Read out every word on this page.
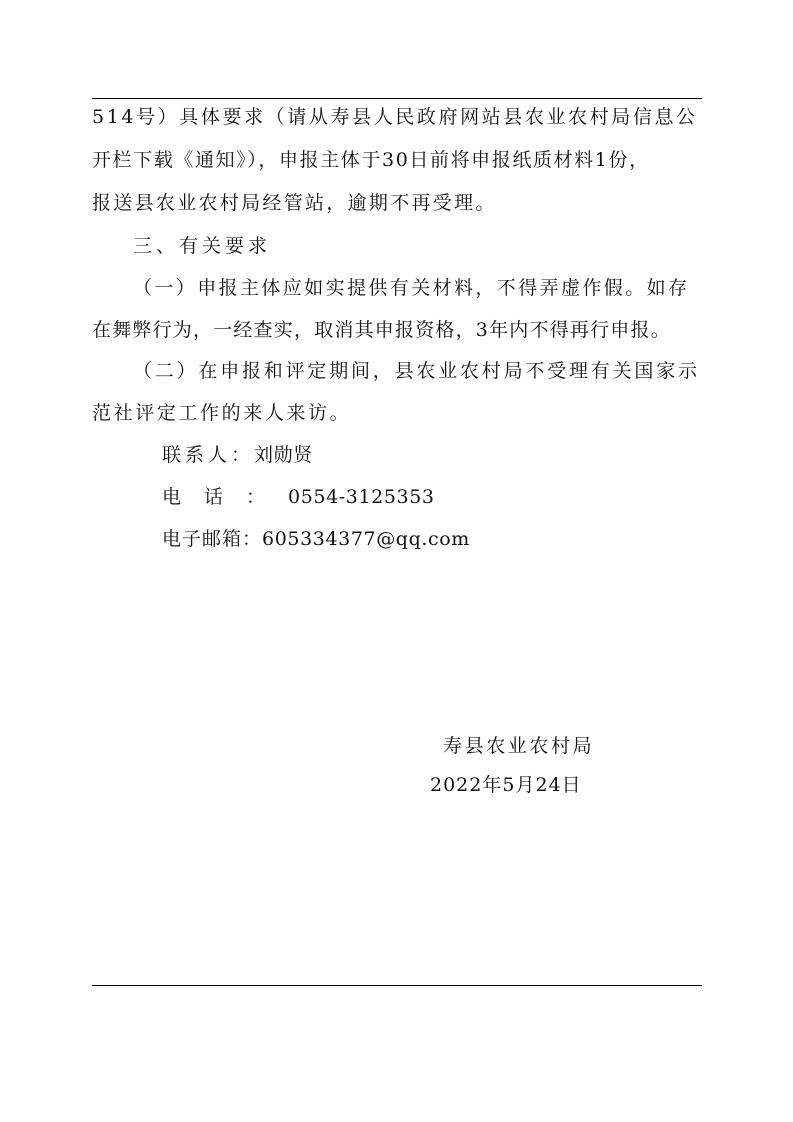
514号）具体要求（请从寿县人民政府网站县农业农村局信息公
开栏下载《通知》），申报主体于30日前将申报纸质材料1份，
报送县农业农村局经管站，逾期不再受理。
三、有关要求
（一）申报主体应如实提供有关材料，不得弄虚作假。如存
在舞弊行为，一经查实，取消其申报资格，3年内不得再行申报。
（二）在申报和评定期间，县农业农村局不受理有关国家示
范社评定工作的来人来访。
联系人：刘勋贤
电话：0554-3125353
电子邮箱：605334377@qq.com
寿县农业农村局
2022年5月24日
